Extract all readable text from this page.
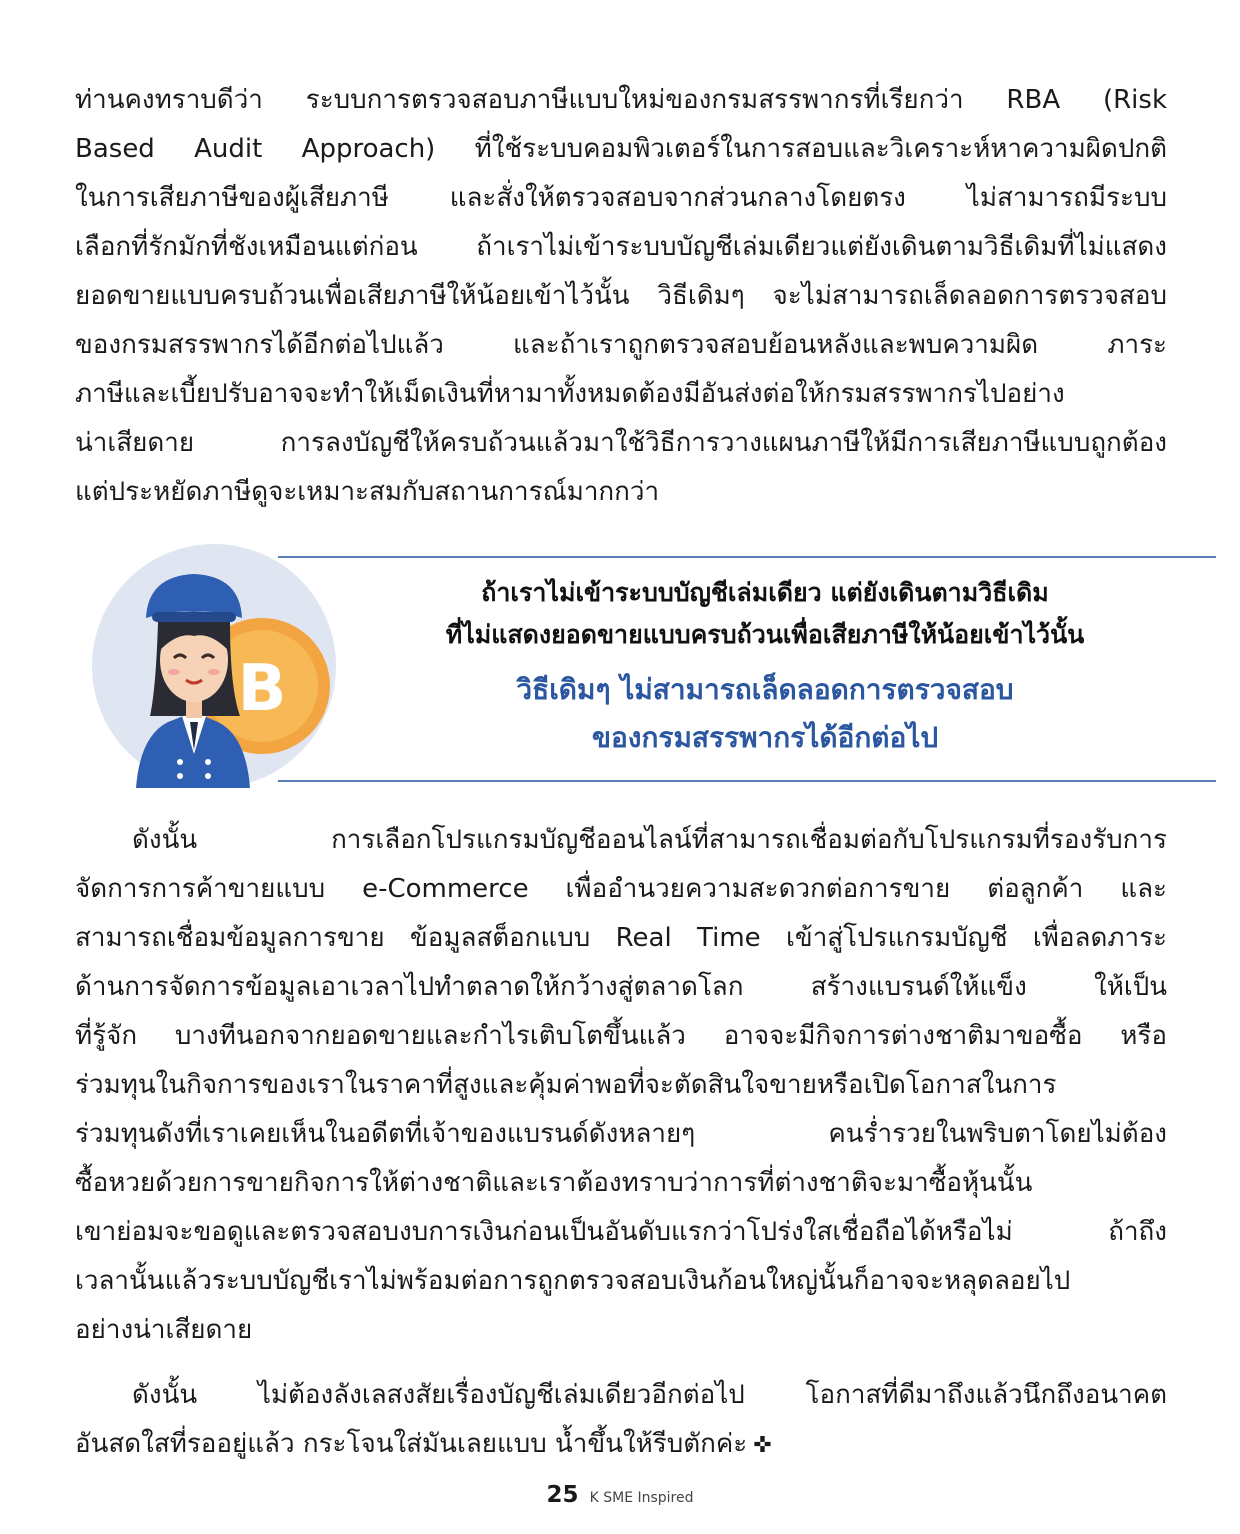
ท่านคงทราบดีว่า ระบบการตรวจสอบภาษีแบบใหม่ของกรมสรรพากรที่เรียกว่า RBA (Risk
Based Audit Approach) ที่ใช้ระบบคอมพิวเตอร์ในการสอบและวิเคราะห์หาความผิดปกติ
ในการเสียภาษีของผู้เสียภาษี และสั่งให้ตรวจสอบจากส่วนกลางโดยตรง ไม่สามารถมีระบบ
เลือกที่รักมักที่ชังเหมือนแต่ก่อน ถ้าเราไม่เข้าระบบบัญชีเล่มเดียวแต่ยังเดินตามวิธีเดิมที่ไม่แสดง
ยอดขายแบบครบถ้วนเพื่อเสียภาษีให้น้อยเข้าไว้นั้น วิธีเดิมๆ จะไม่สามารถเล็ดลอดการตรวจสอบ
ของกรมสรรพากรได้อีกต่อไปแล้ว และถ้าเราถูกตรวจสอบย้อนหลังและพบความผิด ภาระ
ภาษีและเบี้ยปรับอาจจะทำให้เม็ดเงินที่หามาทั้งหมดต้องมีอันส่งต่อให้กรมสรรพากรไปอย่าง
น่าเสียดาย การลงบัญชีให้ครบถ้วนแล้วมาใช้วิธีการวางแผนภาษีให้มีการเสียภาษีแบบถูกต้อง
แต่ประหยัดภาษีดูจะเหมาะสมกับสถานการณ์มากกว่า
B
ถ้าเราไม่เข้าระบบบัญชีเล่มเดียว แต่ยังเดินตามวิธีเดิม
ที่ไม่แสดงยอดขายแบบครบถ้วนเพื่อเสียภาษีให้น้อยเข้าไว้นั้น
วิธีเดิมๆ ไม่สามารถเล็ดลอดการตรวจสอบ
ของกรมสรรพากรได้อีกต่อไป
ดังนั้น การเลือกโปรแกรมบัญชีออนไลน์ที่สามารถเชื่อมต่อกับโปรแกรมที่รองรับการ
จัดการการค้าขายแบบ e-Commerce เพื่ออำนวยความสะดวกต่อการขาย ต่อลูกค้า และ
สามารถเชื่อมข้อมูลการขาย ข้อมูลสต็อกแบบ Real Time เข้าสู่โปรแกรมบัญชี เพื่อลดภาระ
ด้านการจัดการข้อมูลเอาเวลาไปทำตลาดให้กว้างสู่ตลาดโลก สร้างแบรนด์ให้แข็ง ให้เป็น
ที่รู้จัก บางทีนอกจากยอดขายและกำไรเติบโตขึ้นแล้ว อาจจะมีกิจการต่างชาติมาขอซื้อ หรือ
ร่วมทุนในกิจการของเราในราคาที่สูงและคุ้มค่าพอที่จะตัดสินใจขายหรือเปิดโอกาสในการ
ร่วมทุนดังที่เราเคยเห็นในอดีตที่เจ้าของแบรนด์ดังหลายๆ คนร่ำรวยในพริบตาโดยไม่ต้อง
ซื้อหวยด้วยการขายกิจการให้ต่างชาติและเราต้องทราบว่าการที่ต่างชาติจะมาซื้อหุ้นนั้น
เขาย่อมจะขอดูและตรวจสอบงบการเงินก่อนเป็นอันดับแรกว่าโปร่งใสเชื่อถือได้หรือไม่ ถ้าถึง
เวลานั้นแล้วระบบบัญชีเราไม่พร้อมต่อการถูกตรวจสอบเงินก้อนใหญ่นั้นก็อาจจะหลุดลอยไป
อย่างน่าเสียดาย
ดังนั้น ไม่ต้องลังเลสงสัยเรื่องบัญชีเล่มเดียวอีกต่อไป โอกาสที่ดีมาถึงแล้วนึกถึงอนาคต
อันสดใสที่รออยู่แล้ว กระโจนใส่มันเลยแบบ น้ำขึ้นให้รีบตักค่ะ ✜
25 K SME Inspired
